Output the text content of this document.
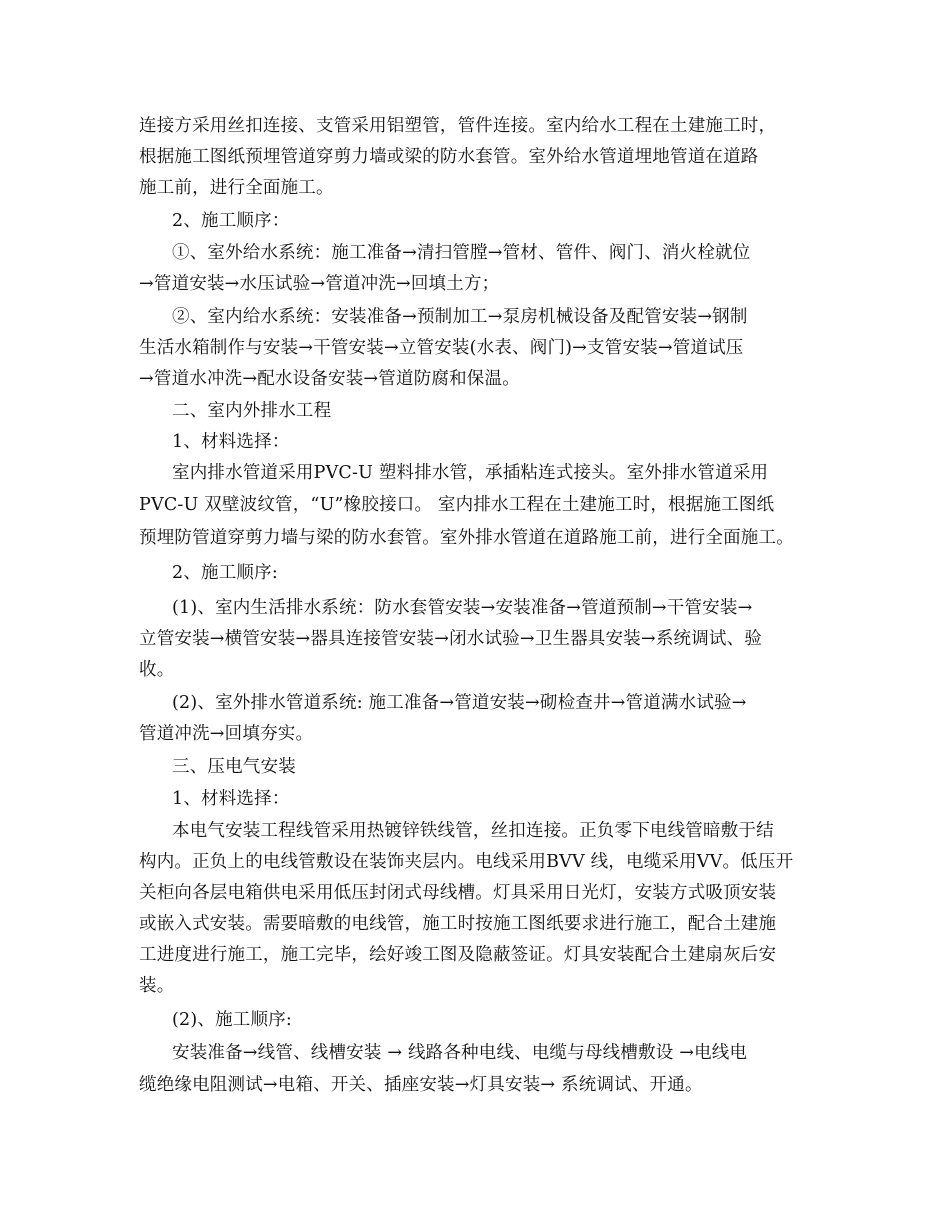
连接方采用丝扣连接、支管采用铝塑管，管件连接。室内给水工程在土建施工时，
根据施工图纸预埋管道穿剪力墙或梁的防水套管。室外给水管道埋地管道在道路
施工前，进行全面施工。
2、施工顺序：
①、室外给水系统：施工准备→清扫管膛→管材、管件、阀门、消火栓就位
→管道安装→水压试验→管道冲洗→回填土方；
②、室内给水系统：安装准备→预制加工→泵房机械设备及配管安装→钢制
生活水箱制作与安装→干管安装→立管安装(水表、阀门)→支管安装→管道试压
→管道水冲洗→配水设备安装→管道防腐和保温。
二、室内外排水工程
1、材料选择：
室内排水管道采用PVC-U 塑料排水管，承插粘连式接头。室外排水管道采用
PVC-U 双壁波纹管，“U”橡胶接口。 室内排水工程在土建施工时，根据施工图纸
预埋防管道穿剪力墙与梁的防水套管。室外排水管道在道路施工前，进行全面施工。
2、施工顺序:
(1)、室内生活排水系统：防水套管安装→安装准备→管道预制→干管安装→
立管安装→横管安装→器具连接管安装→闭水试验→卫生器具安装→系统调试、验
收。
(2)、室外排水管道系统: 施工准备→管道安装→砌检查井→管道满水试验→
管道冲洗→回填夯实。
三、压电气安装
1、材料选择：
本电气安装工程线管采用热镀锌铁线管，丝扣连接。正负零下电线管暗敷于结
构内。正负上的电线管敷设在装饰夹层内。电线采用BVV 线，电缆采用VV。低压开
关柜向各层电箱供电采用低压封闭式母线槽。灯具采用日光灯，安装方式吸顶安装
或嵌入式安装。需要暗敷的电线管，施工时按施工图纸要求进行施工，配合土建施
工进度进行施工，施工完毕，绘好竣工图及隐蔽签证。灯具安装配合土建扇灰后安
装。
(2)、施工顺序:
安装准备→线管、线槽安装 → 线路各种电线、电缆与母线槽敷设 →电线电
缆绝缘电阻测试→电箱、开关、插座安装→灯具安装→ 系统调试、开通。
